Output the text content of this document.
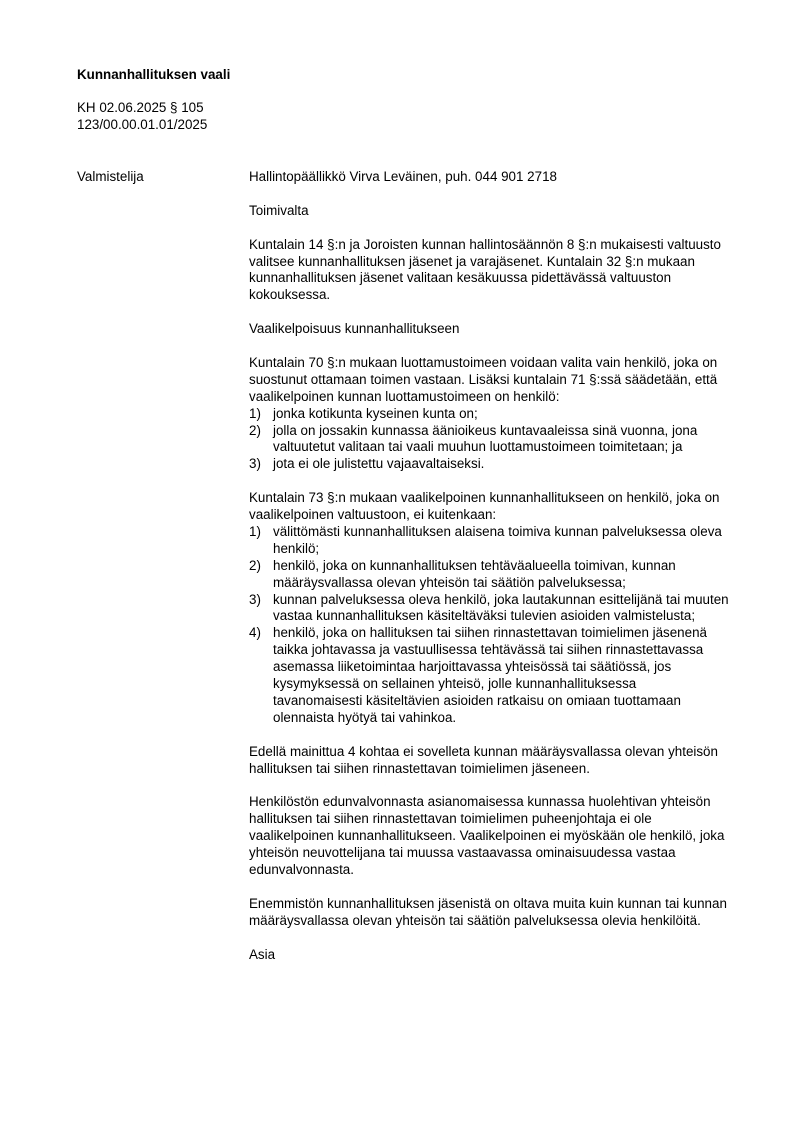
Kunnanhallituksen vaali
KH 02.06.2025 § 105
123/00.00.01.01/2025
Valmistelija	Hallintopäällikkö Virva Leväinen, puh. 044 901 2718

Toimivalta

Kuntalain 14 §:n ja Joroisten kunnan hallintosäännön 8 §:n mukaisesti valtuusto valitsee kunnanhallituksen jäsenet ja varajäsenet. Kuntalain 32 §:n mukaan kunnanhallituksen jäsenet valitaan kesäkuussa pidettävässä valtuuston kokouksessa.

Vaalikelpoisuus kunnanhallitukseen

Kuntalain 70 §:n mukaan luottamustoimeen voidaan valita vain henkilö, joka on suostunut ottamaan toimen vastaan. Lisäksi kuntalain 71 §:ssä säädetään, että vaalikelpoinen kunnan luottamustoimeen on henkilö:

1) jonka kotikunta kyseinen kunta on;
2) jolla on jossakin kunnassa äänioikeus kuntavaaleissa sinä vuonna, jona valtuutetut valitaan tai vaali muuhun luottamustoimeen toimitetaan; ja
3) jota ei ole julistettu vajaavaltaiseksi.

Kuntalain 73 §:n mukaan vaalikelpoinen kunnanhallitukseen on henkilö, joka on vaalikelpoinen valtuustoon, ei kuitenkaan:

1) välittömästi kunnanhallituksen alaisena toimiva kunnan palveluksessa oleva henkilö;
2) henkilö, joka on kunnanhallituksen tehtäväalueella toimivan, kunnan määräysvallassa olevan yhteisön tai säätiön palveluksessa;
3) kunnan palveluksessa oleva henkilö, joka lautakunnan esittelijänä tai muuten vastaa kunnanhallituksen käsiteltäväksi tulevien asioiden valmistelusta;
4) henkilö, joka on hallituksen tai siihen rinnastettavan toimielimen jäsenenä taikka johtavassa ja vastuullisessa tehtävässä tai siihen rinnastettavassa asemassa liiketoimintaa harjoittavassa yhteisössä tai säätiössä, jos kysymyksessä on sellainen yhteisö, jolle kunnanhallituksessa tavanomaisesti käsiteltävien asioiden ratkaisu on omiaan tuottamaan olennaista hyötyä tai vahinkoa.

Edellä mainittua 4 kohtaa ei sovelleta kunnan määräysvallassa olevan yhteisön hallituksen tai siihen rinnastettavan toimielimen jäseneen.

Henkilöstön edunvalvonnasta asianomaisessa kunnassa huolehtivan yhteisön hallituksen tai siihen rinnastettavan toimielimen puheenjohtaja ei ole vaalikelpoinen kunnanhallitukseen. Vaalikelpoinen ei myöskään ole henkilö, joka yhteisön neuvottelijana tai muussa vastaavassa ominaisuudessa vastaa edunvalvonnasta.

Enemmistön kunnanhallituksen jäsenistä on oltava muita kuin kunnan tai kunnan määräysvallassa olevan yhteisön tai säätiön palveluksessa olevia henkilöitä.

Asia
